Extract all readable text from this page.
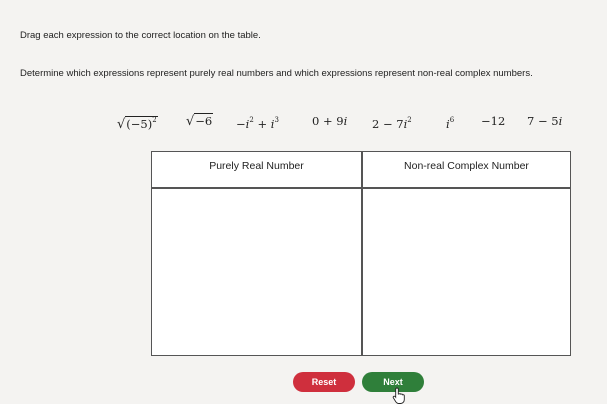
Drag each expression to the correct location on the table.
Determine which expressions represent purely real numbers and which expressions represent non-real complex numbers.
$√(-5)^2$ $√-6 -i^2 + i^3$	0 + 9i $2 - 7i^2$	$i^6 -12$ 7 − 5i
Purely Real Number	Non-real Complex Number
Reset	Next
